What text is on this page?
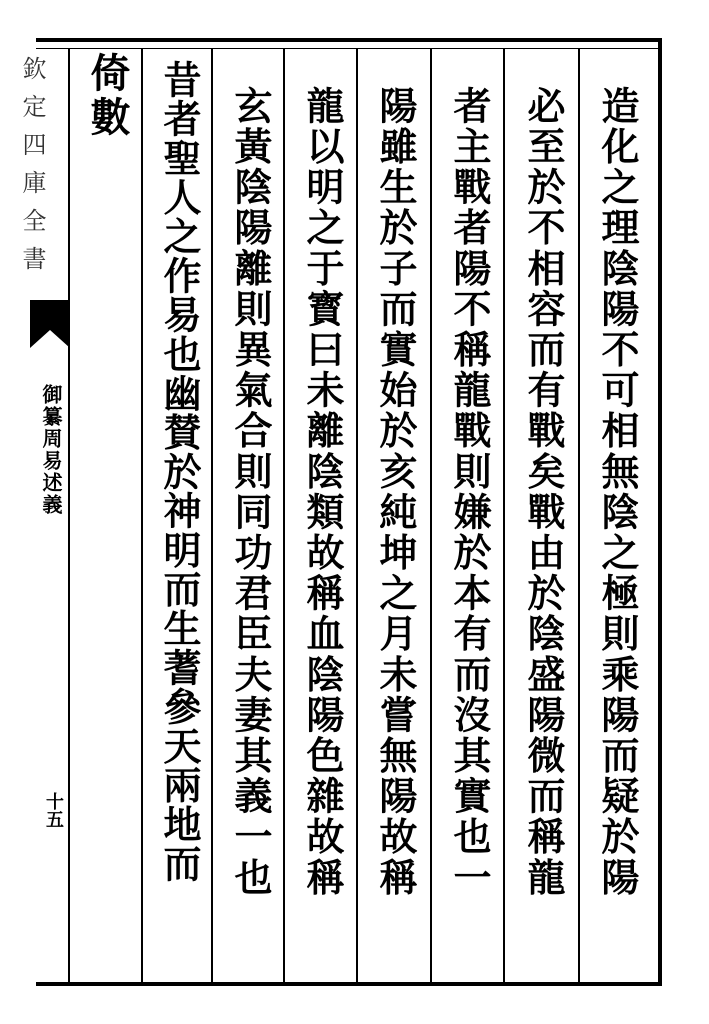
造化之理陰陽不可相無陰之極則乘陽而疑於陽
必至於不相容而有戰矣戰由於陰盛陽微而稱龍
者主戰者陽不稱龍戰則嫌於本有而沒其實也一
陽雖生於子而實始於亥純坤之月未嘗無陽故稱
龍以明之于寳曰未離陰類故稱血陰陽色雜故稱
玄黃陰陽離則異氣合則同功君臣夫妻其義一也
昔者聖人之作易也幽賛於神明而生蓍參天兩地而
倚數
欽定四庫全書
御纂周易述義
十五
